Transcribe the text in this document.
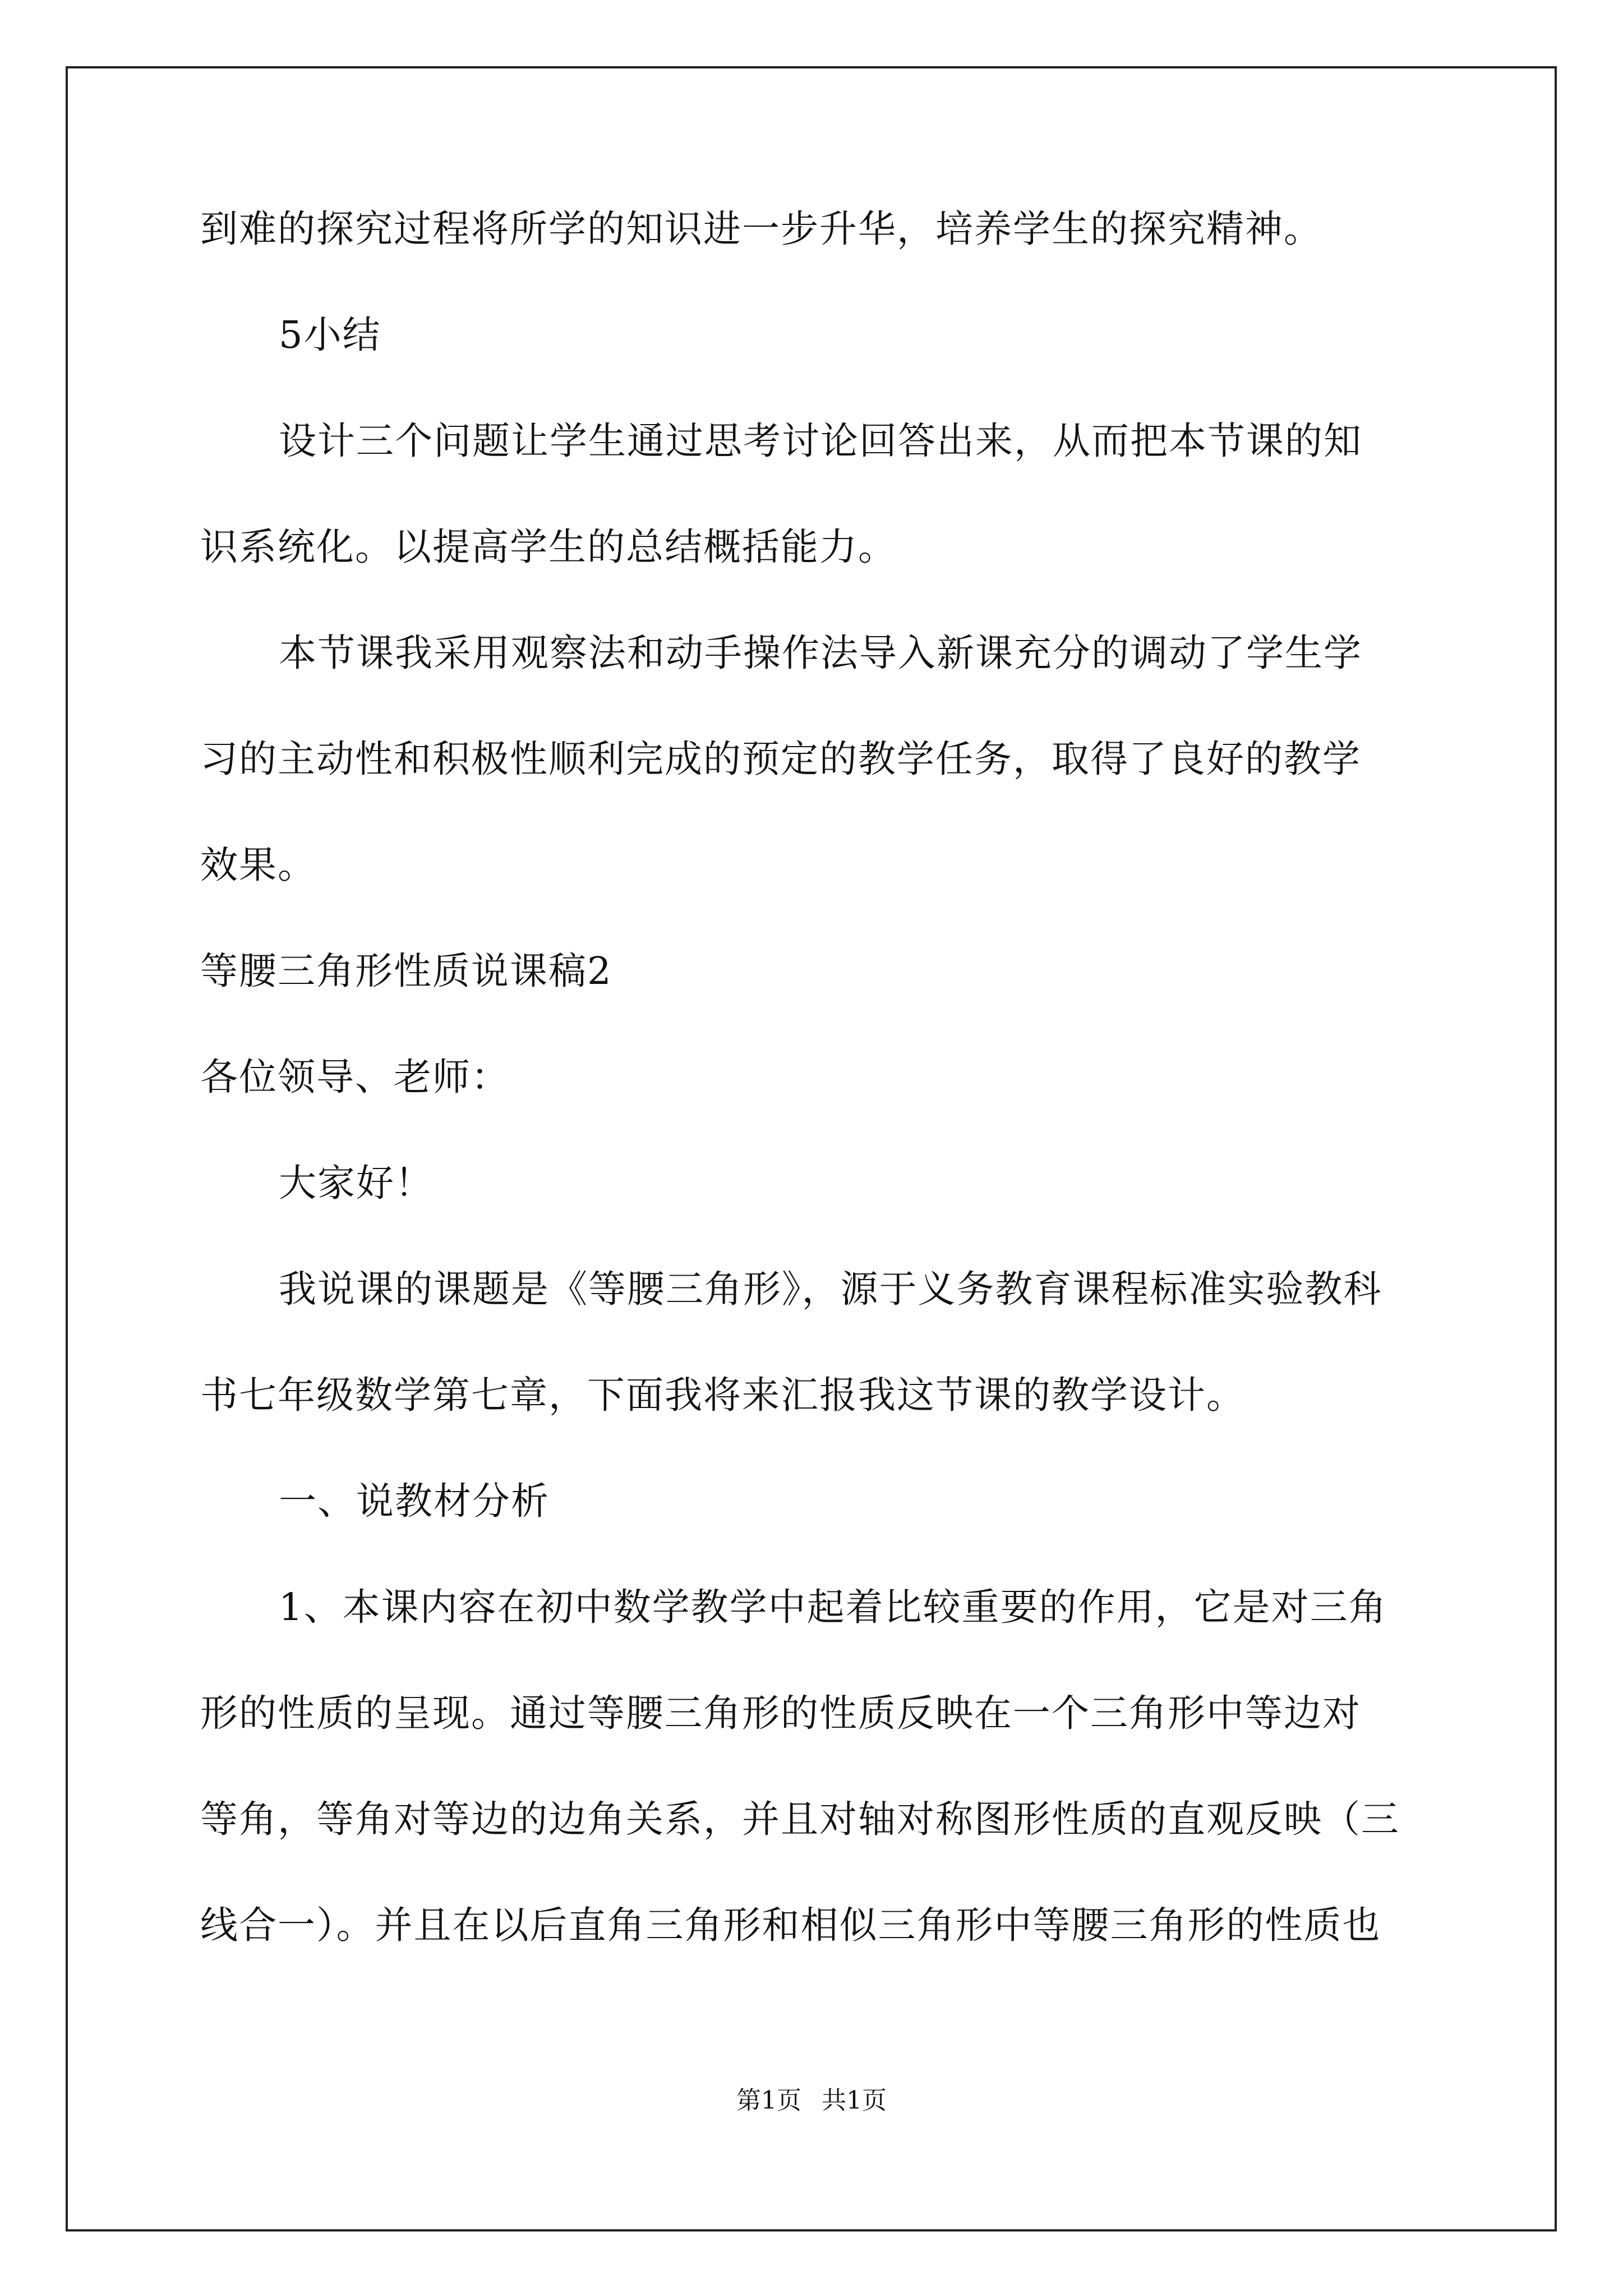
到难的探究过程将所学的知识进一步升华，培养学生的探究精神。

5小结

设计三个问题让学生通过思考讨论回答出来，从而把本节课的知

识系统化。以提高学生的总结概括能力。

本节课我采用观察法和动手操作法导入新课充分的调动了学生学

习的主动性和积极性顺利完成的预定的教学任务，取得了良好的教学

效果。

等腰三角形性质说课稿2

各位领导、老师：

大家好！

我说课的课题是《等腰三角形》，源于义务教育课程标准实验教科

书七年级数学第七章，下面我将来汇报我这节课的教学设计。

一、说教材分析

1、本课内容在初中数学教学中起着比较重要的作用，它是对三角

形的性质的呈现。通过等腰三角形的性质反映在一个三角形中等边对

等角，等角对等边的边角关系，并且对轴对称图形性质的直观反映（三

线合一）。并且在以后直角三角形和相似三角形中等腰三角形的性质也

第1页 共1页
